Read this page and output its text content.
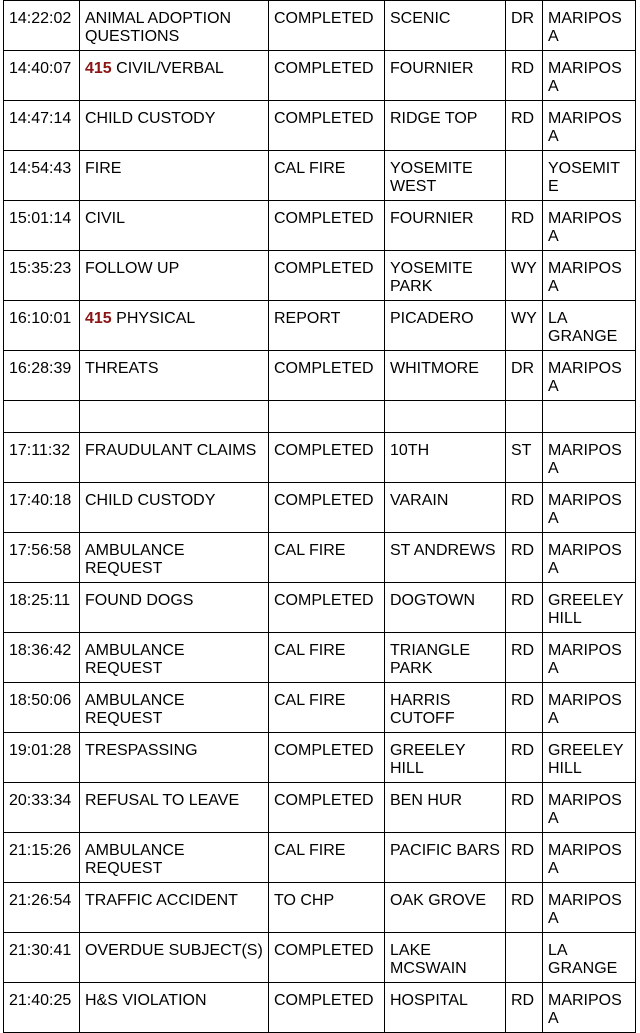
14:22:02	ANIMAL ADOPTION QUESTIONS	COMPLETED	SCENIC	DR	MARIPOSA
14:40:07	415 CIVIL/VERBAL	COMPLETED	FOURNIER	RD	MARIPOSA
14:47:14	CHILD CUSTODY	COMPLETED	RIDGE TOP	RD	MARIPOSA
14:54:43	FIRE	CAL FIRE	YOSEMITE WEST		YOSEMITE
15:01:14	CIVIL	COMPLETED	FOURNIER	RD	MARIPOSA
15:35:23	FOLLOW UP	COMPLETED	YOSEMITE PARK	WY	MARIPOSA
16:10:01	415 PHYSICAL	REPORT	PICADERO	WY	LA GRANGE
16:28:39	THREATS	COMPLETED	WHITMORE	DR	MARIPOSA

17:11:32	FRAUDULANT CLAIMS	COMPLETED	10TH	ST	MARIPOSA
17:40:18	CHILD CUSTODY	COMPLETED	VARAIN	RD	MARIPOSA
17:56:58	AMBULANCE REQUEST	CAL FIRE	ST ANDREWS	RD	MARIPOSA
18:25:11	FOUND DOGS	COMPLETED	DOGTOWN	RD	GREELEY HILL
18:36:42	AMBULANCE REQUEST	CAL FIRE	TRIANGLE PARK	RD	MARIPOSA
18:50:06	AMBULANCE REQUEST	CAL FIRE	HARRIS CUTOFF	RD	MARIPOSA
19:01:28	TRESPASSING	COMPLETED	GREELEY HILL	RD	GREELEY HILL
20:33:34	REFUSAL TO LEAVE	COMPLETED	BEN HUR	RD	MARIPOSA
21:15:26	AMBULANCE REQUEST	CAL FIRE	PACIFIC BARS	RD	MARIPOSA
21:26:54	TRAFFIC ACCIDENT	TO CHP	OAK GROVE	RD	MARIPOSA
21:30:41	OVERDUE SUBJECT(S)	COMPLETED	LAKE MCSWAIN		LA GRANGE
21:40:25	H&S VIOLATION	COMPLETED	HOSPITAL	RD	MARIPOSA
